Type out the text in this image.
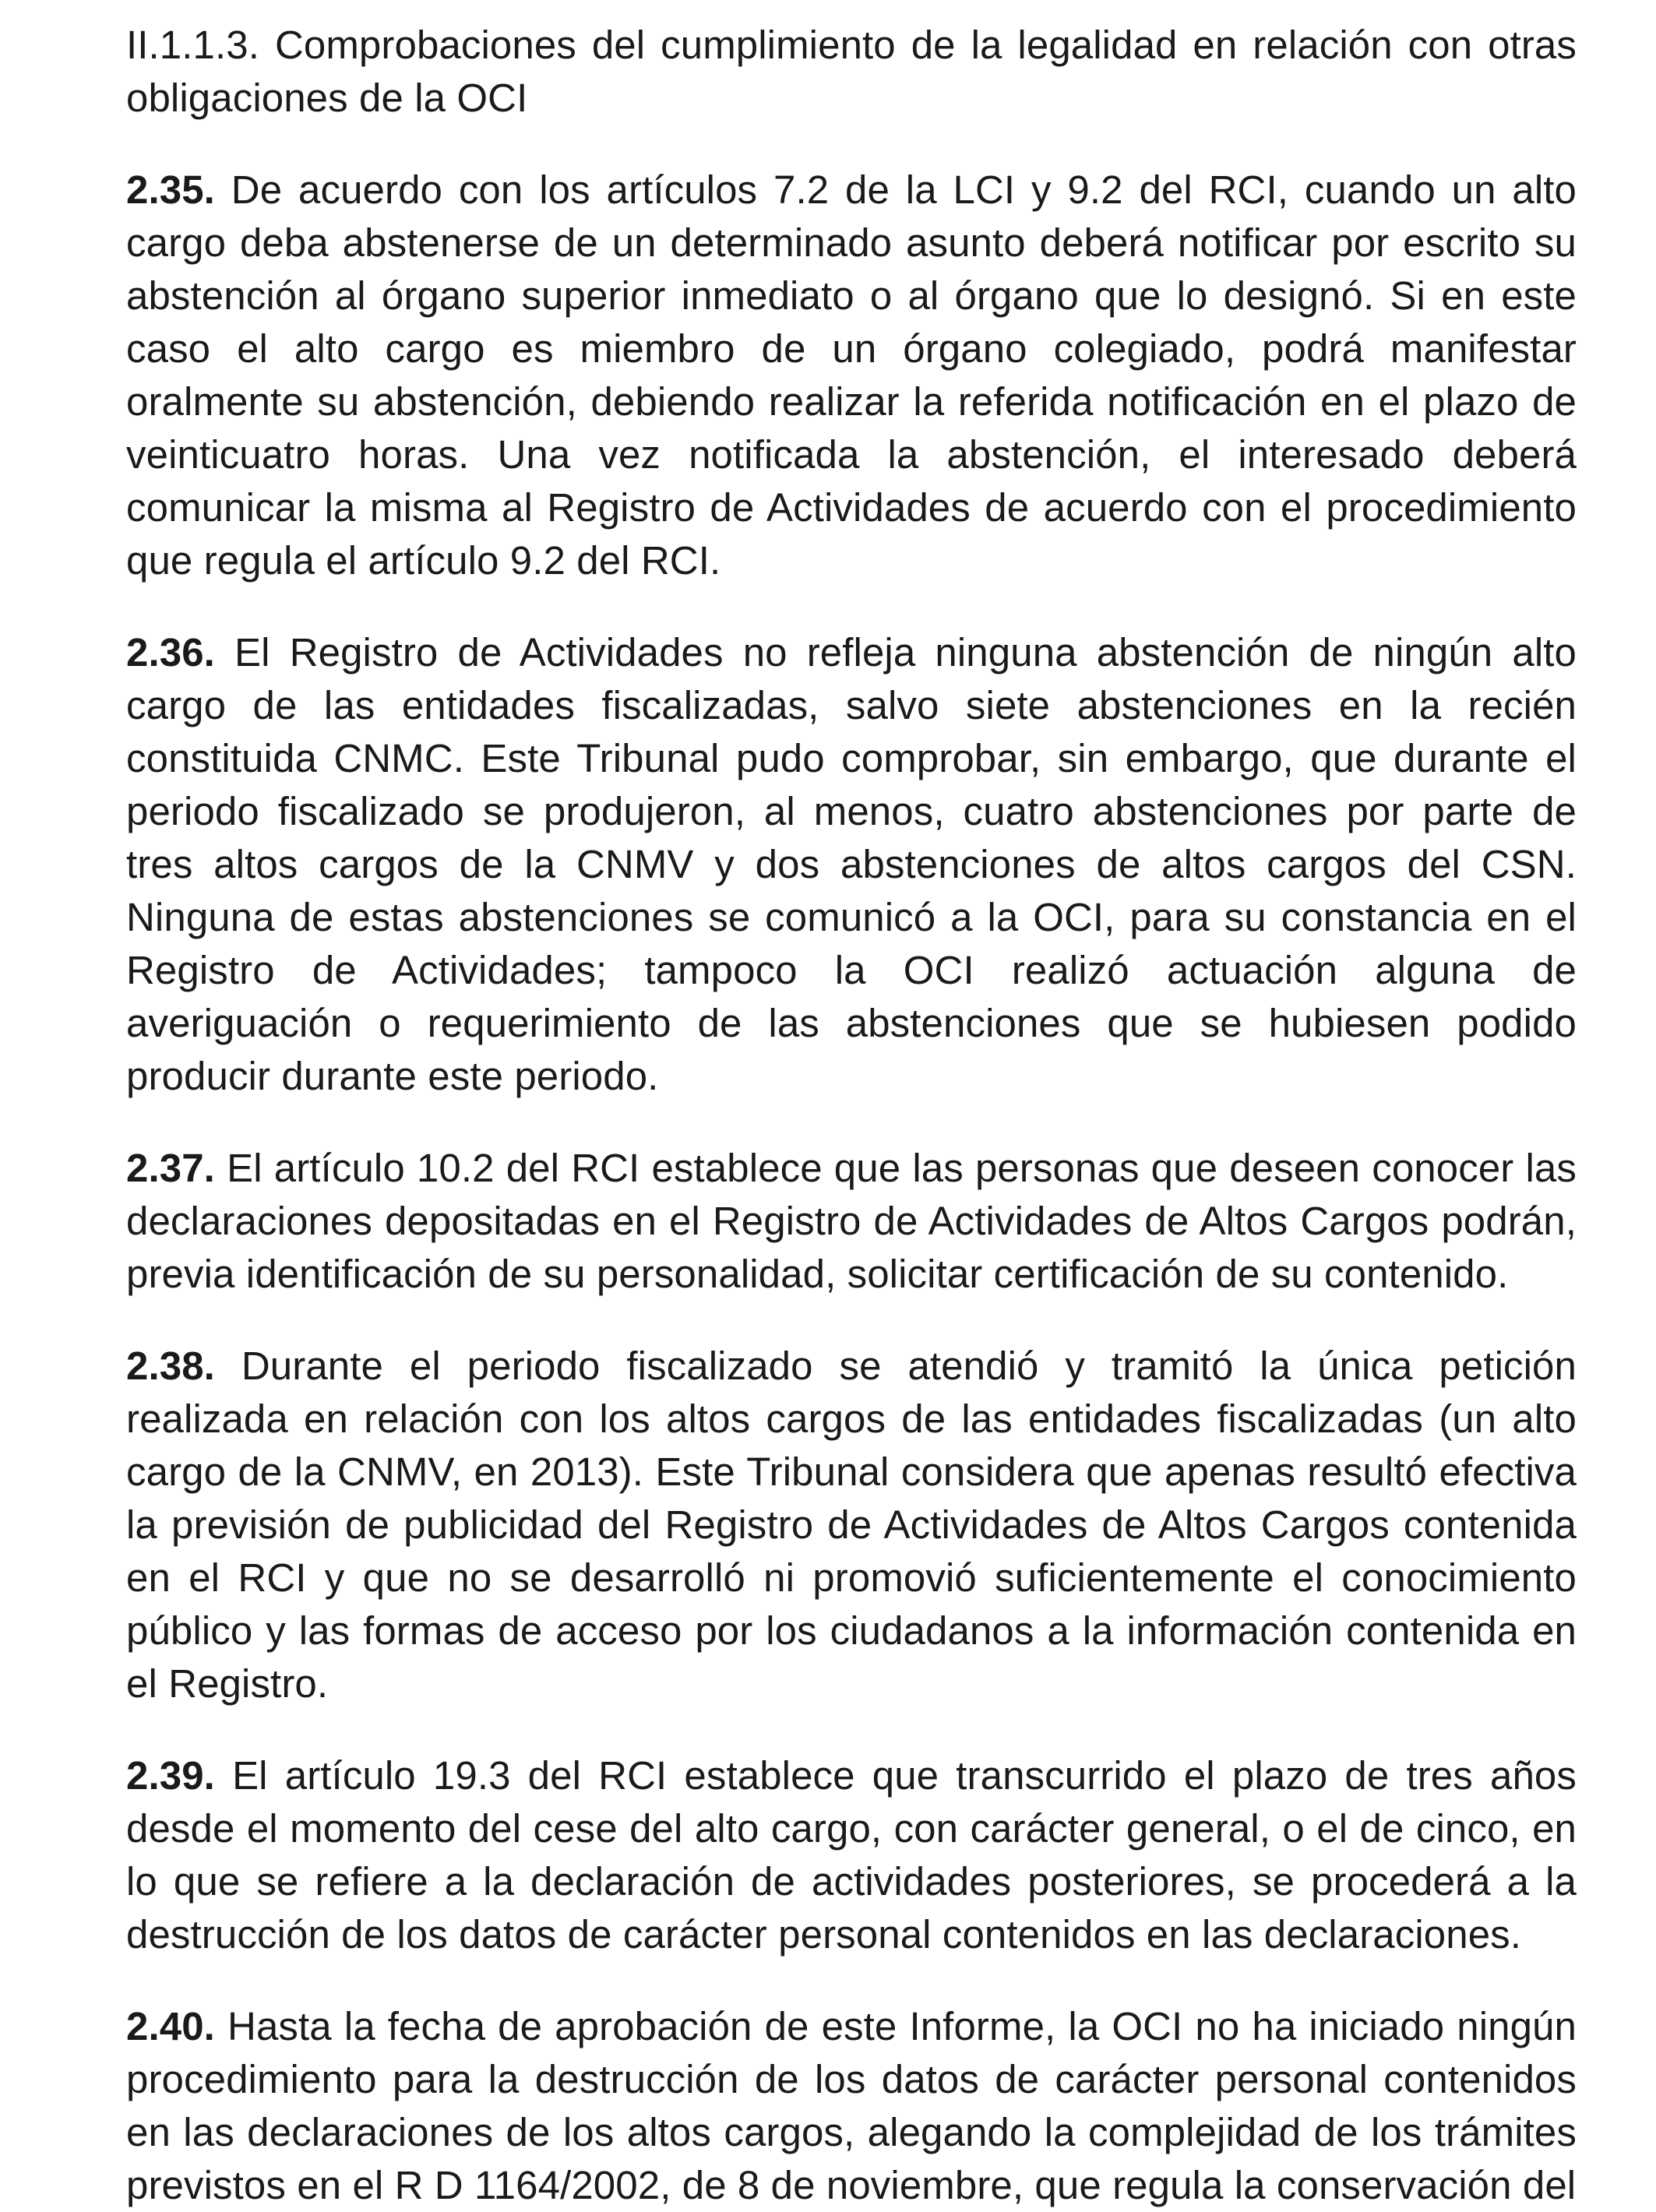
II.1.1.3. Comprobaciones del cumplimiento de la legalidad en relación con otras obligaciones de la OCI

2.35. De acuerdo con los artículos 7.2 de la LCI y 9.2 del RCI, cuando un alto cargo deba abstenerse de un determinado asunto deberá notificar por escrito su abstención al órgano superior inmediato o al órgano que lo designó. Si en este caso el alto cargo es miembro de un órgano colegiado, podrá manifestar oralmente su abstención, debiendo realizar la referida notificación en el plazo de veinticuatro horas. Una vez notificada la abstención, el interesado deberá comunicar la misma al Registro de Actividades de acuerdo con el procedimiento que regula el artículo 9.2 del RCI.

2.36. El Registro de Actividades no refleja ninguna abstención de ningún alto cargo de las entidades fiscalizadas, salvo siete abstenciones en la recién constituida CNMC. Este Tribunal pudo comprobar, sin embargo, que durante el periodo fiscalizado se produjeron, al menos, cuatro abstenciones por parte de tres altos cargos de la CNMV y dos abstenciones de altos cargos del CSN. Ninguna de estas abstenciones se comunicó a la OCI, para su constancia en el Registro de Actividades; tampoco la OCI realizó actuación alguna de averiguación o requerimiento de las abstenciones que se hubiesen podido producir durante este periodo.

2.37. El artículo 10.2 del RCI establece que las personas que deseen conocer las declaraciones depositadas en el Registro de Actividades de Altos Cargos podrán, previa identificación de su personalidad, solicitar certificación de su contenido.

2.38. Durante el periodo fiscalizado se atendió y tramitó la única petición realizada en relación con los altos cargos de las entidades fiscalizadas (un alto cargo de la CNMV, en 2013). Este Tribunal considera que apenas resultó efectiva la previsión de publicidad del Registro de Actividades de Altos Cargos contenida en el RCI y que no se desarrolló ni promovió suficientemente el conocimiento público y las formas de acceso por los ciudadanos a la información contenida en el Registro.

2.39. El artículo 19.3 del RCI establece que transcurrido el plazo de tres años desde el momento del cese del alto cargo, con carácter general, o el de cinco, en lo que se refiere a la declaración de actividades posteriores, se procederá a la destrucción de los datos de carácter personal contenidos en las declaraciones.

2.40. Hasta la fecha de aprobación de este Informe, la OCI no ha iniciado ningún procedimiento para la destrucción de los datos de carácter personal contenidos en las declaraciones de los altos cargos, alegando la complejidad de los trámites previstos en el R D 1164/2002, de 8 de noviembre, que regula la conservación del
